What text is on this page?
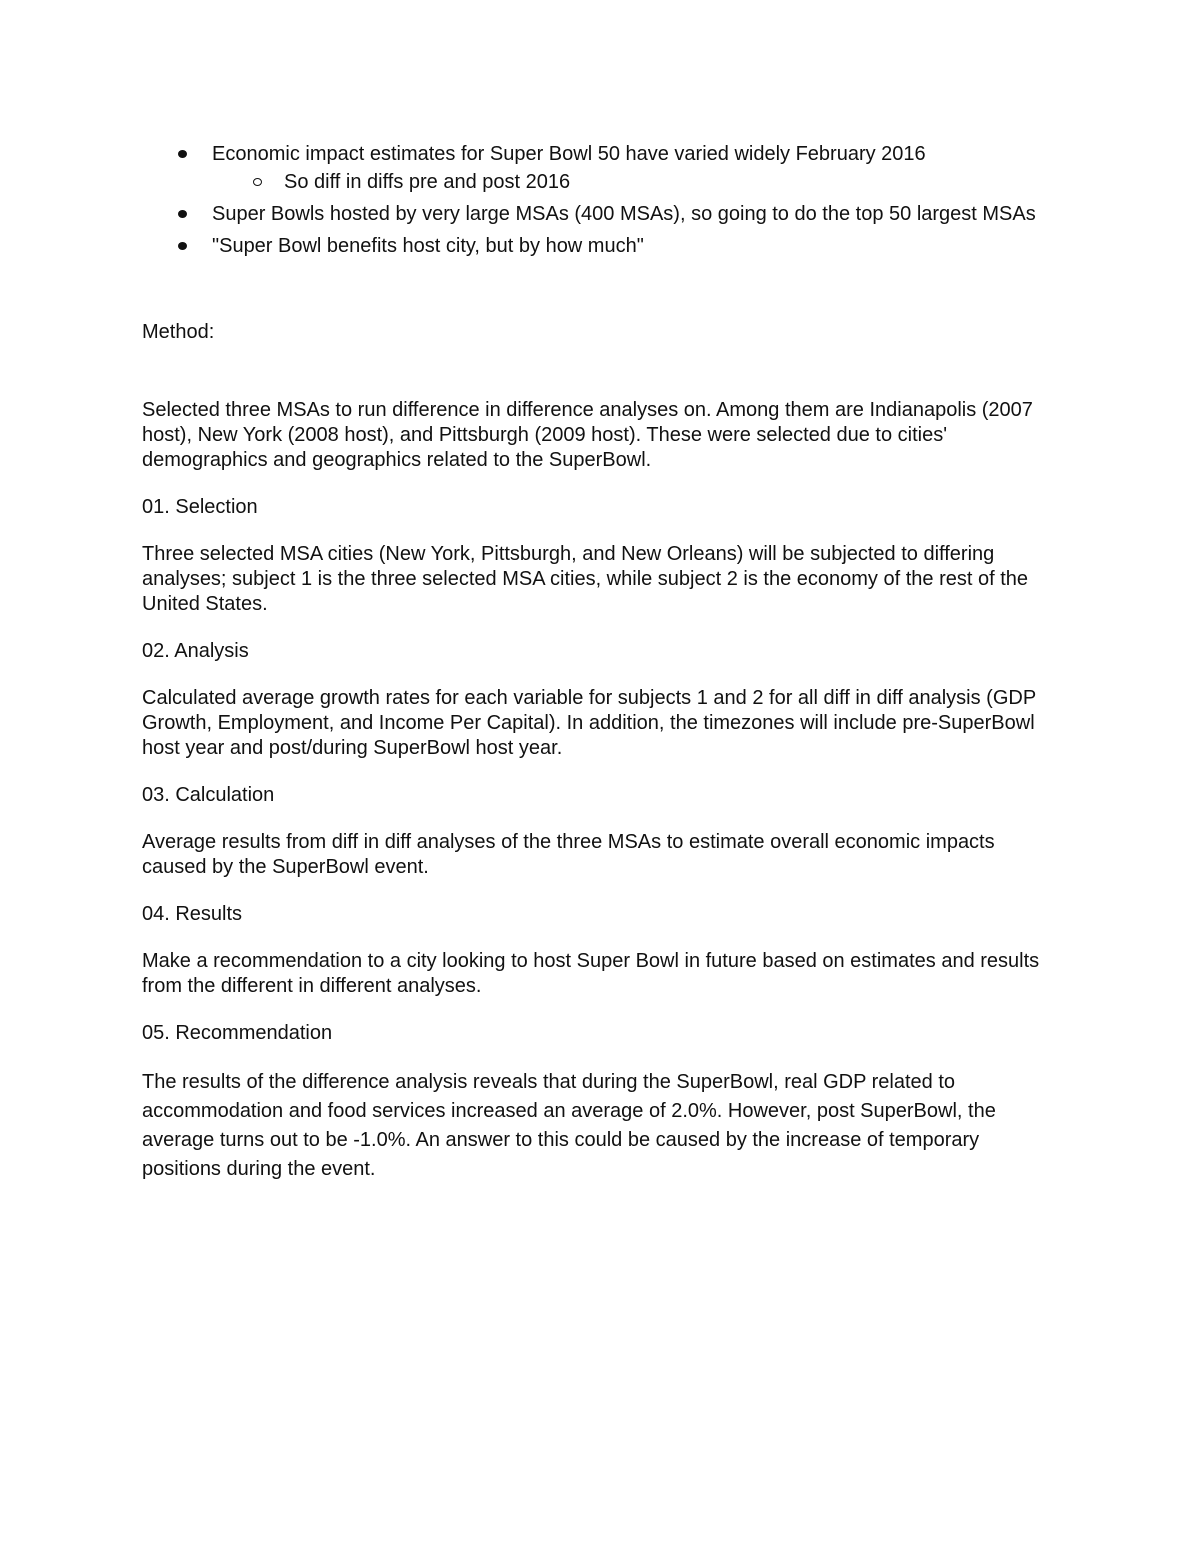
Economic impact estimates for Super Bowl 50 have varied widely February 2016
So diff in diffs pre and post 2016
Super Bowls hosted by very large MSAs (400 MSAs), so going to do the top 50 largest MSAs
"Super Bowl benefits host city, but by how much"

Method:

Selected three MSAs to run difference in difference analyses on. Among them are Indianapolis (2007 host), New York (2008 host), and Pittsburgh (2009 host). These were selected due to cities' demographics and geographics related to the SuperBowl.

01. Selection

Three selected MSA cities (New York, Pittsburgh, and New Orleans) will be subjected to differing analyses; subject 1 is the three selected MSA cities, while subject 2 is the economy of the rest of the United States.

02. Analysis

Calculated average growth rates for each variable for subjects 1 and 2 for all diff in diff analysis (GDP Growth, Employment, and Income Per Capital). In addition, the timezones will include pre-SuperBowl host year and post/during SuperBowl host year.

03. Calculation

Average results from diff in diff analyses of the three MSAs to estimate overall economic impacts caused by the SuperBowl event.

04. Results

Make a recommendation to a city looking to host Super Bowl in future based on estimates and results from the different in different analyses.

05. Recommendation

The results of the difference analysis reveals that during the SuperBowl, real GDP related to accommodation and food services increased an average of 2.0%. However, post SuperBowl, the average turns out to be -1.0%. An answer to this could be caused by the increase of temporary positions during the event.
